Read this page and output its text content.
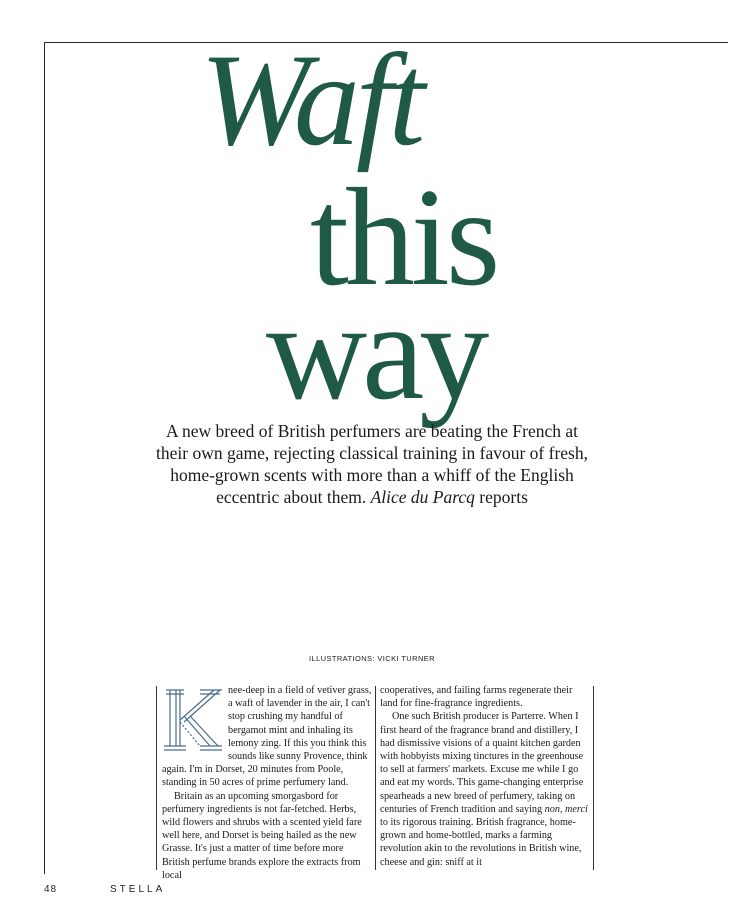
Waft
this
way

A new breed of British perfumers are beating the French at their own game, rejecting classical training in favour of fresh, home-grown scents with more than a whiff of the English eccentric about them. Alice du Parcq reports

ILLUSTRATIONS: VICKI TURNER
K	nee-deep in a field of vetiver grass, a waft of lavender in the air, I can't stop crushing my handful of bergamot mint and inhaling its lemony zing. If this you think this sounds like sunny Provence, think again. I'm in Dorset, 20 minutes from Poole, standing in 50 acres of prime perfumery land.

Britain as an upcoming smorgasbord for perfumery ingredients is not far-fetched. Herbs, wild flowers and shrubs with a scented yield fare well here, and Dorset is being hailed as the new Grasse. It's just a matter of time before more British perfume brands explore the extracts from local

cooperatives, and failing farms regenerate their land for fine-fragrance ingredients.

One such British producer is Parterre. When I first heard of the fragrance brand and distillery, I had dismissive visions of a quaint kitchen garden with hobbyists mixing tinctures in the greenhouse to sell at farmers' markets. Excuse me while I go and eat my words. This game-changing enterprise spearheads a new breed of perfumery, taking on centuries of French tradition and saying non, merci to its rigorous training. British fragrance, home-grown and home-bottled, marks a farming revolution akin to the revolutions in British wine, cheese and gin: sniff at it

48	STELLA
